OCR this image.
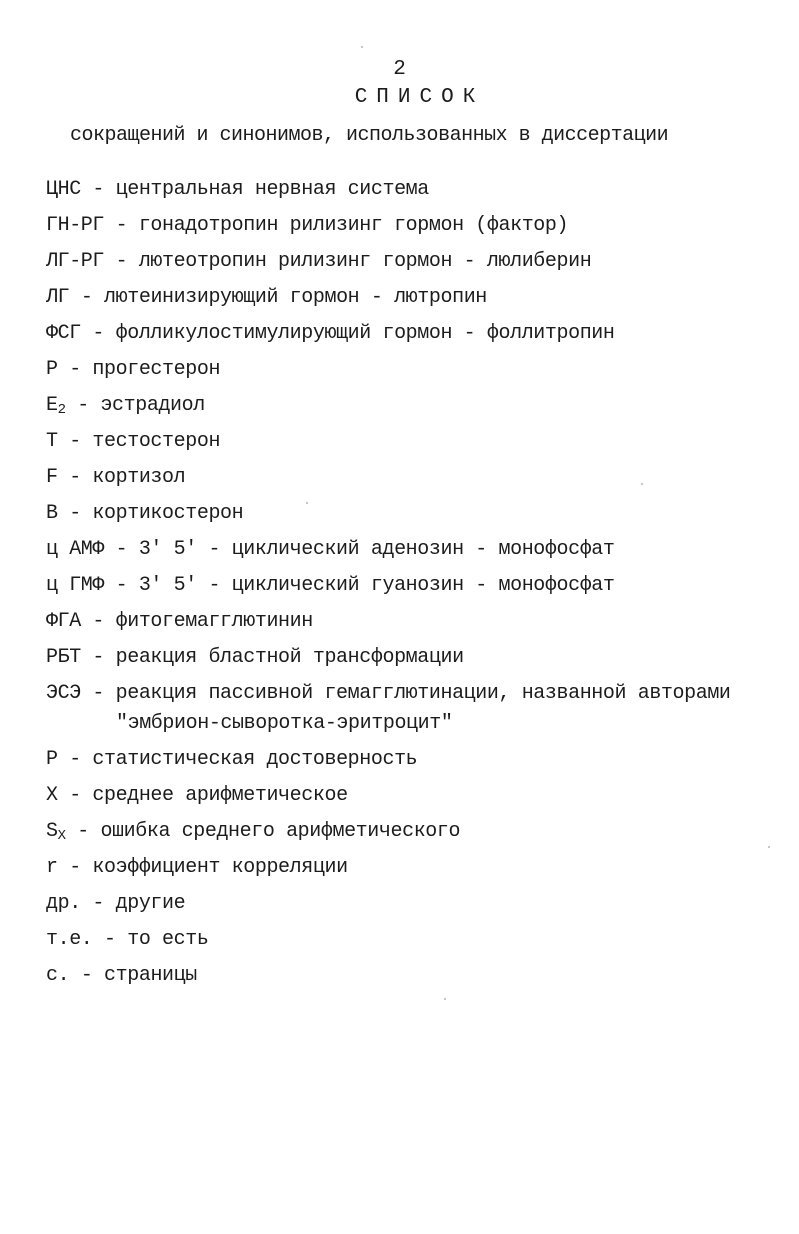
2
СПИСОК
сокращений и синонимов, использованных в диссертации
ЦНС - центральная нервная система
ГН-РГ - гонадотропин рилизинг гормон (фактор)
ЛГ-РГ - лютеотропин рилизинг гормон - люлиберин
ЛГ - лютеинизирующий гормон - лютропин
ФСГ - фолликулостимулирующий гормон - фоллитропин
Р - прогестерон
$E_2$ - эстрадиол
Т - тестостерон
F - кортизол
В - кортикостерон
ц АМФ - 3' 5' - циклический аденозин - монофосфат
ц ГМФ - 3' 5' - циклический гуанозин - монофосфат
ФГА - фитогемагглютинин
РБТ - реакция бластной трансформации
ЭСЭ - реакция пассивной гемагглютинации, названной авторами
"эмбрион-сыворотка-эритроцит"
Р - статистическая достоверность
Х - среднее арифметическое
$S_X$ - ошибка среднего арифметического
r - коэффициент корреляции
др. - другие
т.е. - то есть
с. - страницы
